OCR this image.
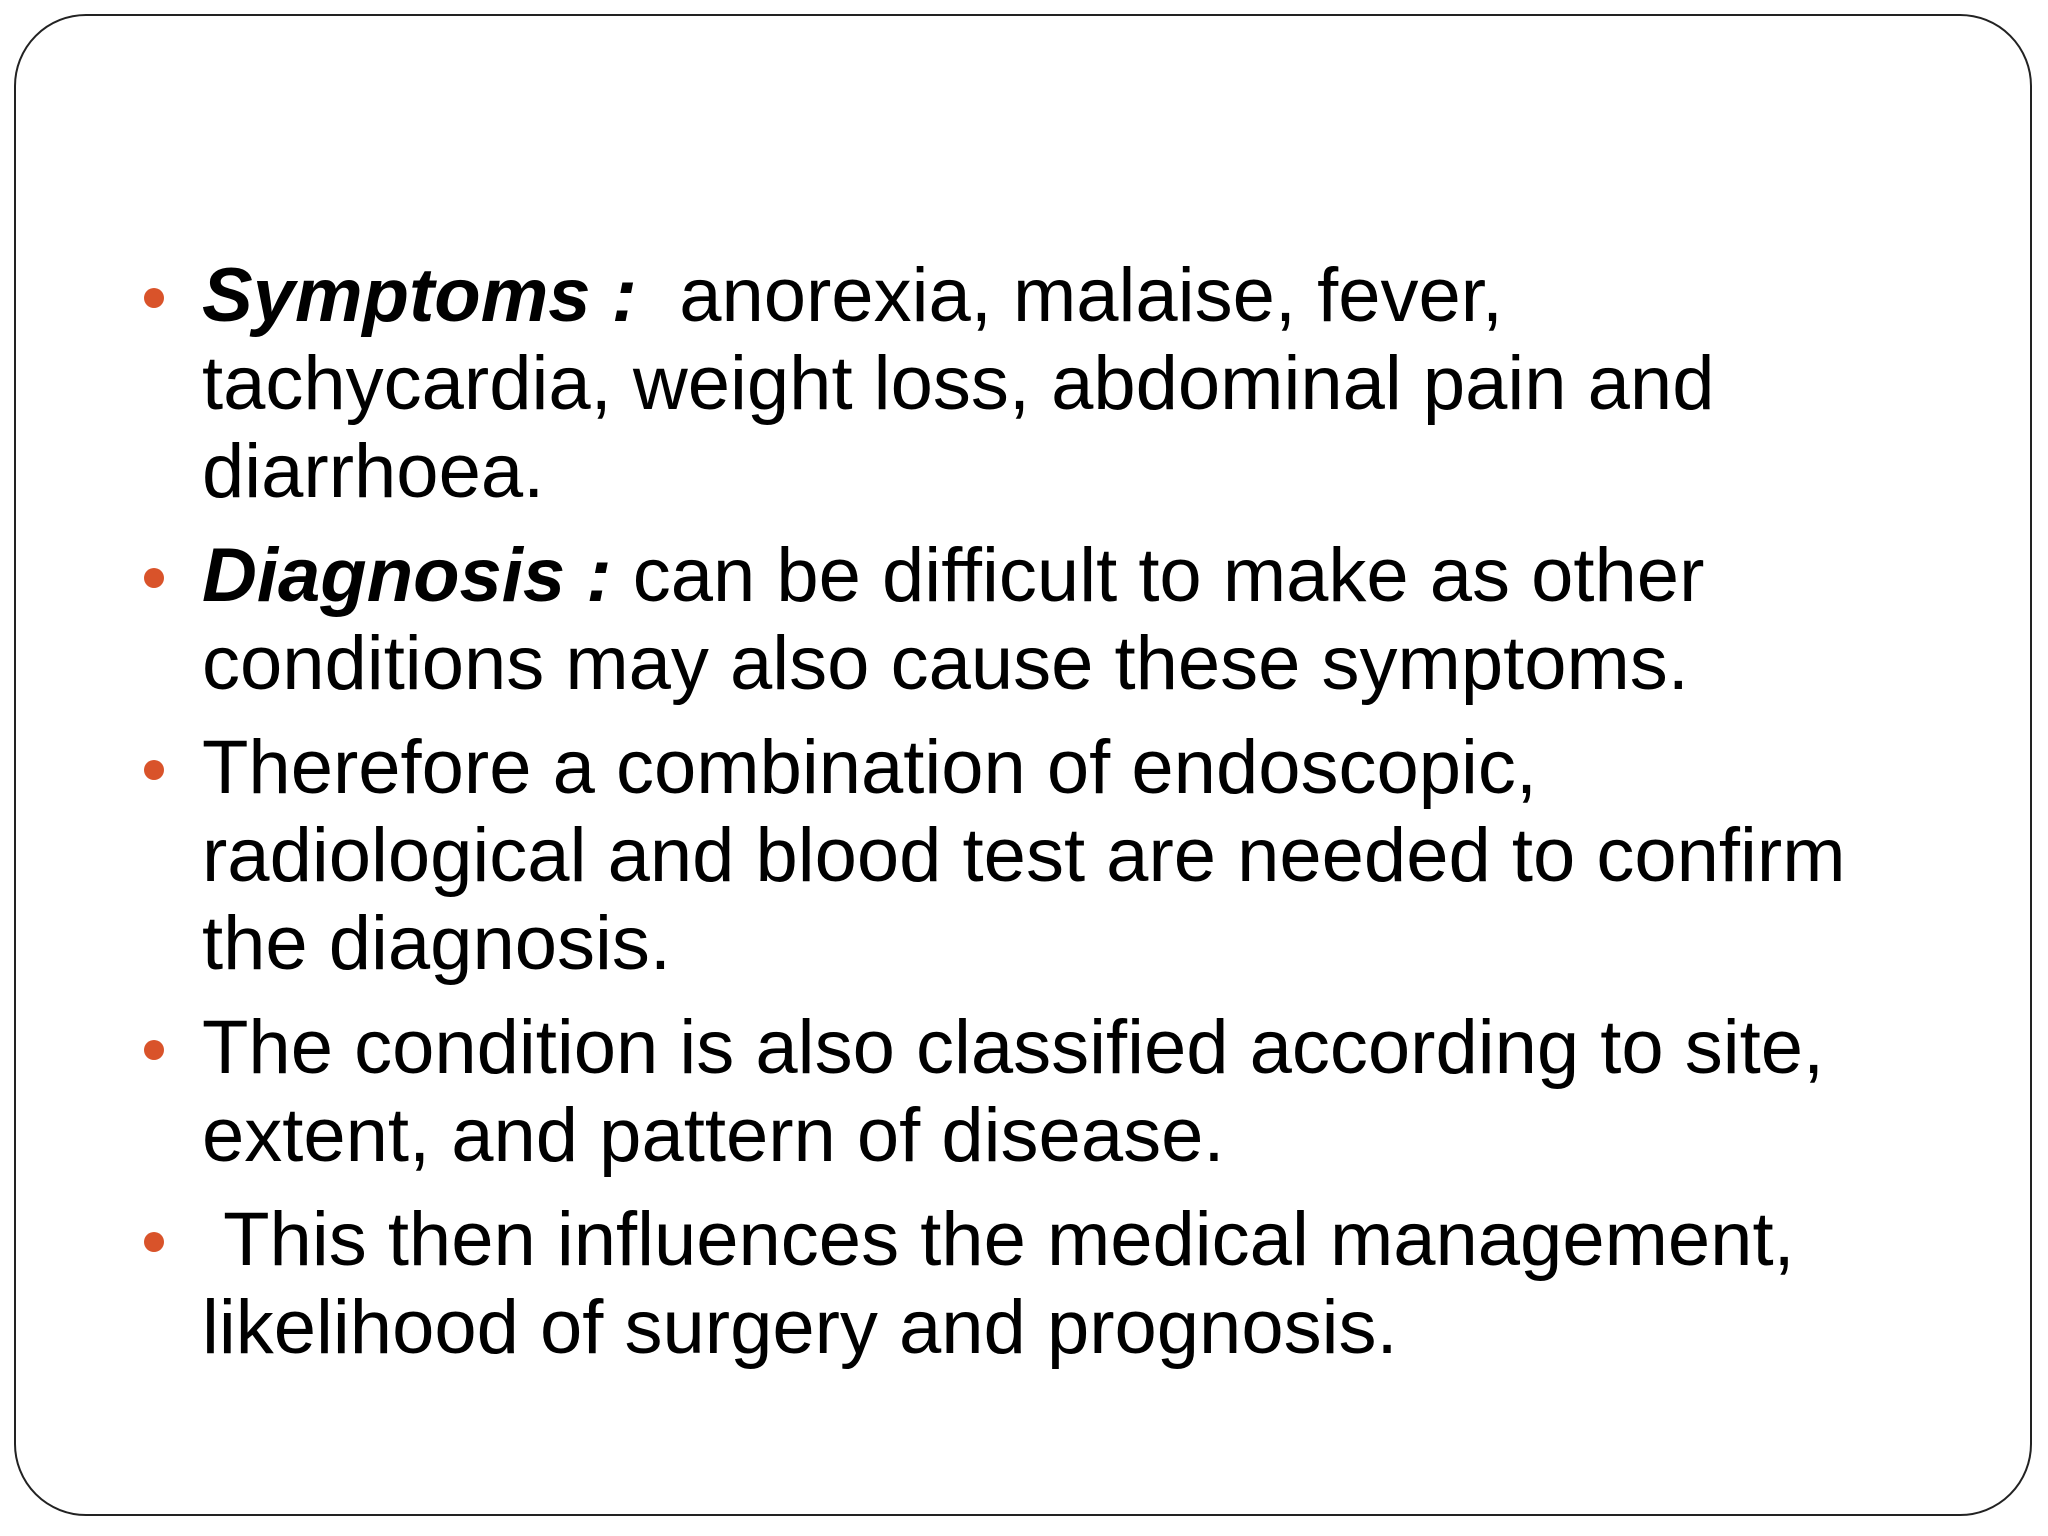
Symptoms :  anorexia, malaise, fever, tachycardia, weight loss, abdominal pain and diarrhoea.
Diagnosis : can be difficult to make as other conditions may also cause these symptoms.
Therefore a combination of endoscopic, radiological and blood test are needed to confirm the diagnosis.
The condition is also classified according to site, extent, and pattern of disease.
This then influences the medical management, likelihood of surgery and prognosis.
